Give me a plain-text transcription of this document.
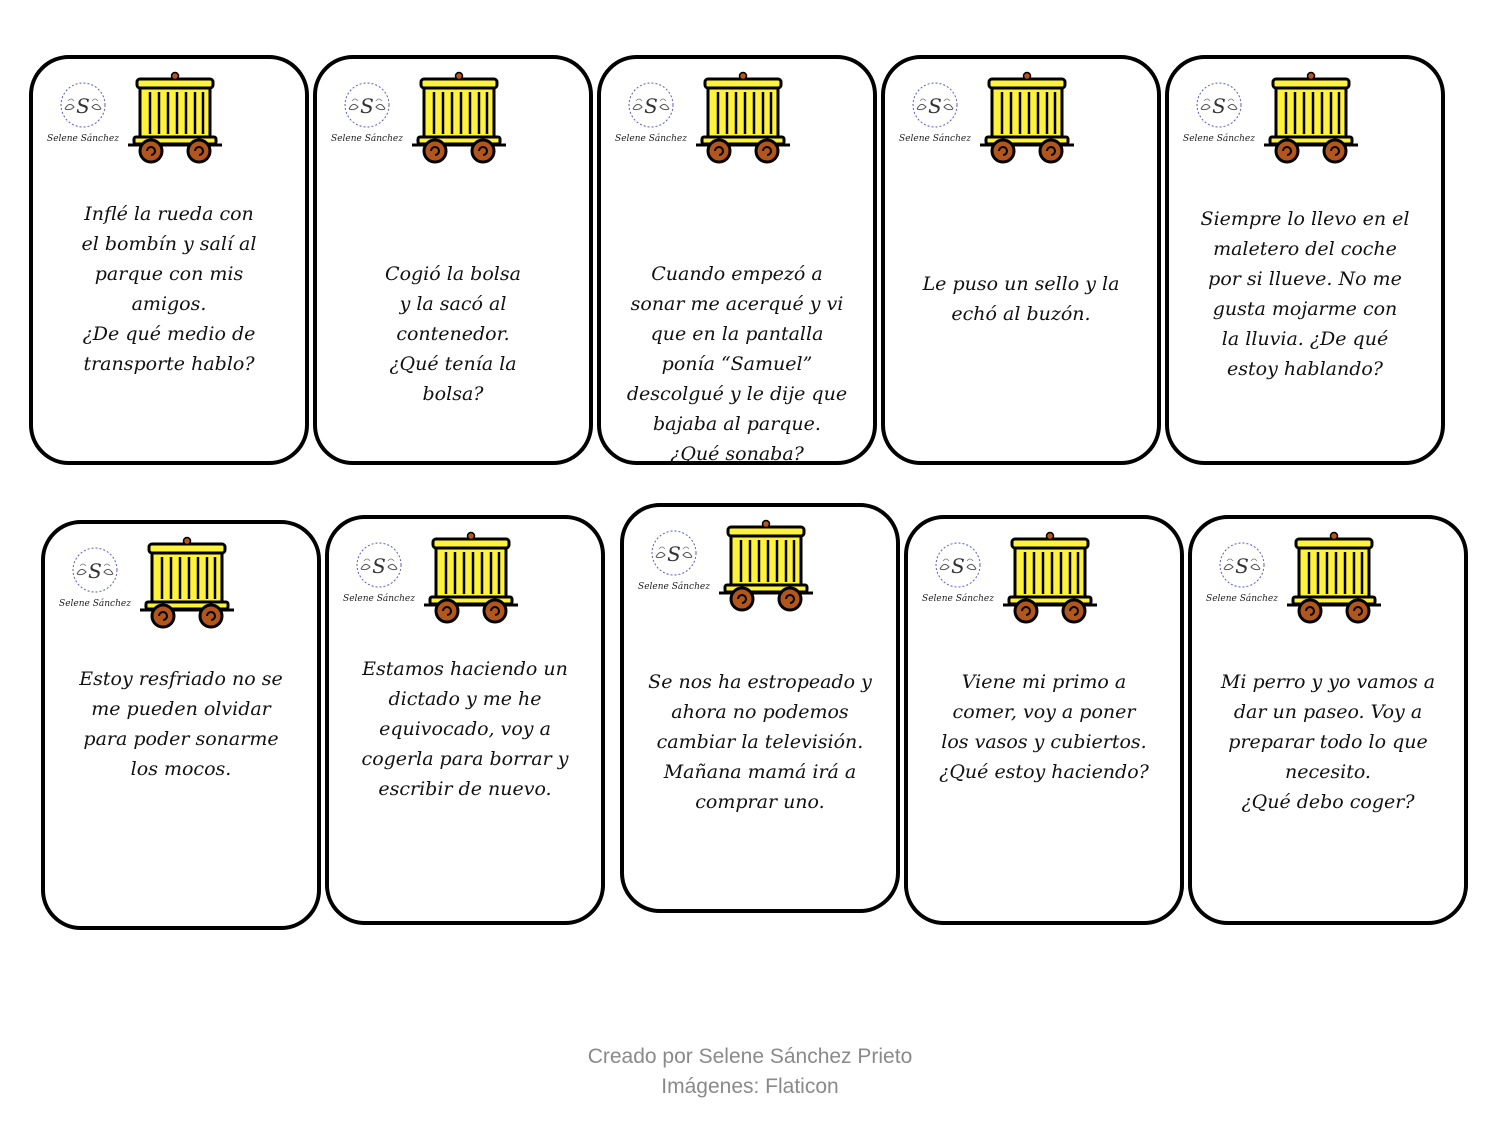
S
Selene Sánchez
Inflé la rueda con
el bombín y salí al
parque con mis
amigos.
¿De qué medio de
transporte hablo?
S
Selene Sánchez
Cogió la bolsa
y la sacó al
contenedor.
¿Qué tenía la
bolsa?
S
Selene Sánchez
Cuando empezó a
sonar me acerqué y vi
que en la pantalla
ponía “Samuel”
descolgué y le dije que
bajaba al parque.
¿Qué sonaba?
S
Selene Sánchez
Le puso un sello y la
echó al buzón.
S
Selene Sánchez
Siempre lo llevo en el
maletero del coche
por si llueve. No me
gusta mojarme con
la lluvia. ¿De qué
estoy hablando?
S
Selene Sánchez
Estoy resfriado no se
me pueden olvidar
para poder sonarme
los mocos.
S
Selene Sánchez
Estamos haciendo un
dictado y me he
equivocado, voy a
cogerla para borrar y
escribir de nuevo.
S
Selene Sánchez
Se nos ha estropeado y
ahora no podemos
cambiar la televisión.
Mañana mamá irá a
comprar uno.
S
Selene Sánchez
Viene mi primo a
comer, voy a poner
los vasos y cubiertos.
¿Qué estoy haciendo?
S
Selene Sánchez
Mi perro y yo vamos a
dar un paseo. Voy a
preparar todo lo que
necesito.
¿Qué debo coger?
Creado por Selene Sánchez Prieto
Imágenes: Flaticon
